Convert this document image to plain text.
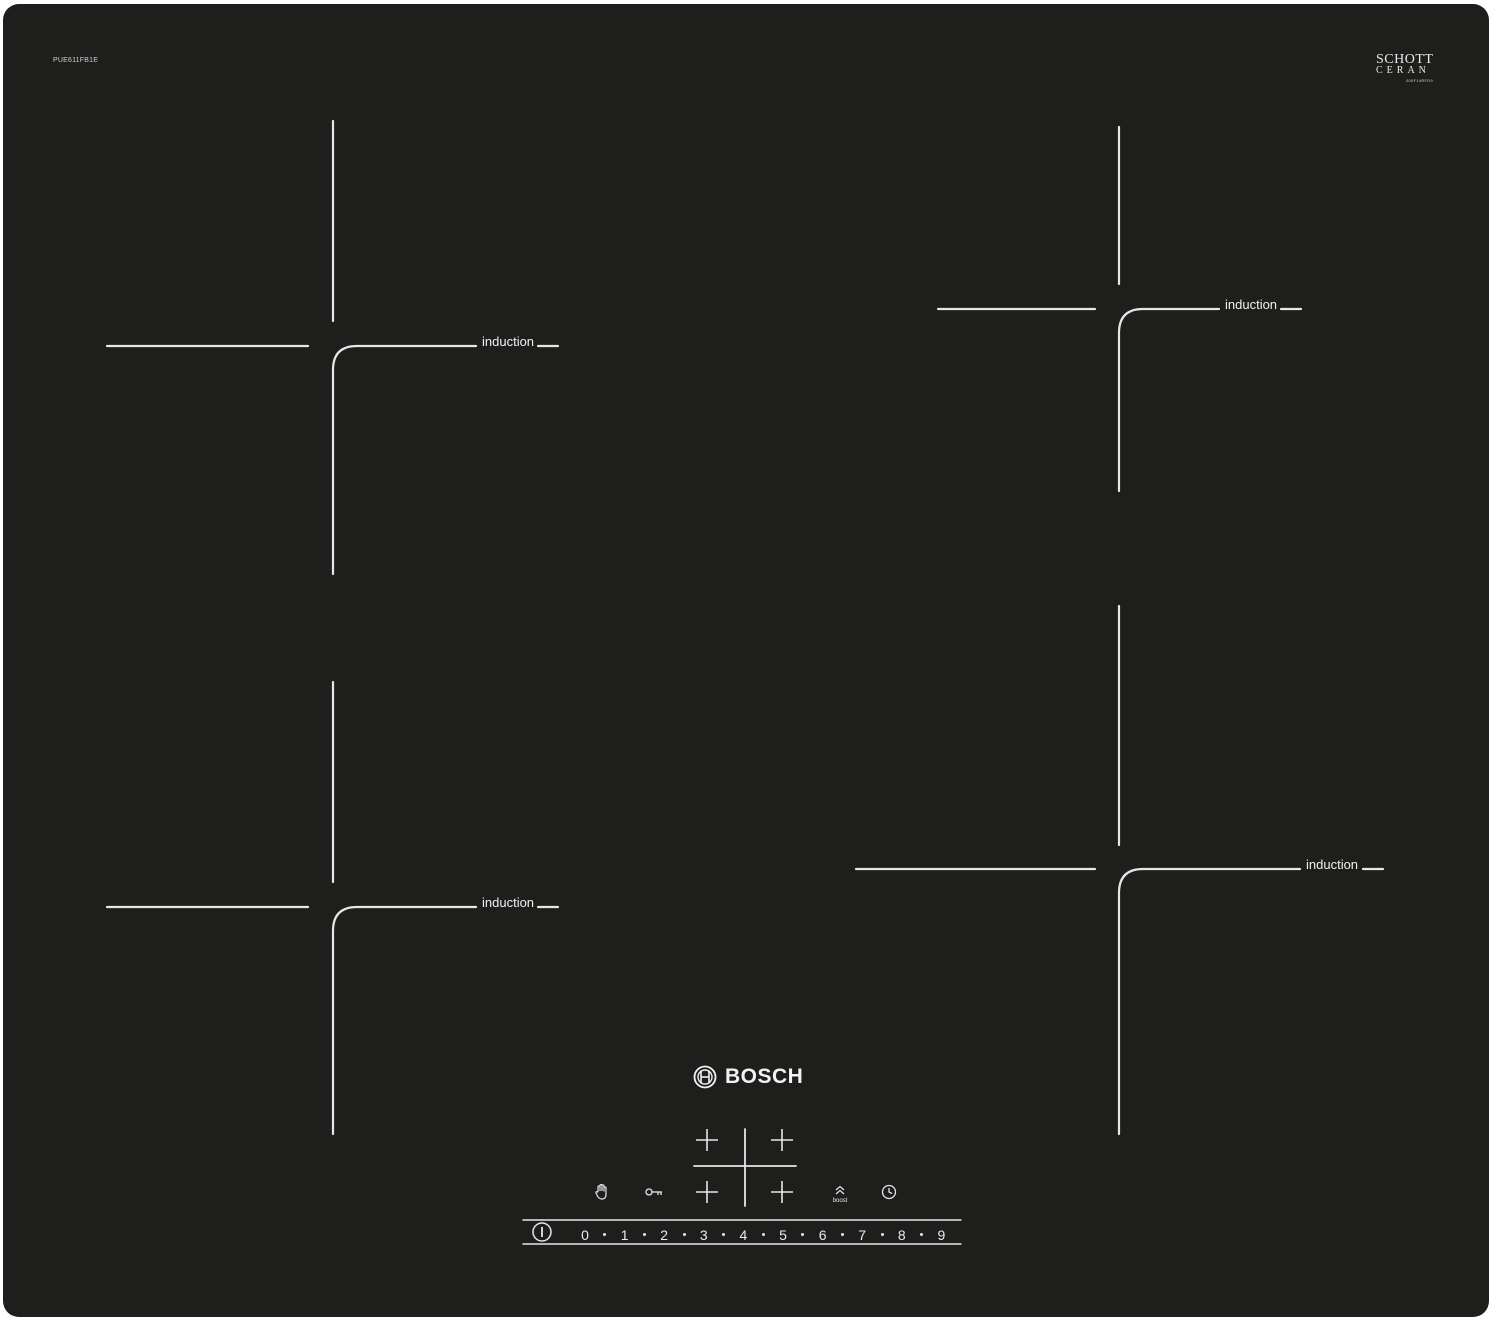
PUE611FB1E	SCHOTT
CERAN
000F14RFD9
induction
induction
induction
induction
BOSCH
boost
0	1	2	3	4	5	6	7	8	9
